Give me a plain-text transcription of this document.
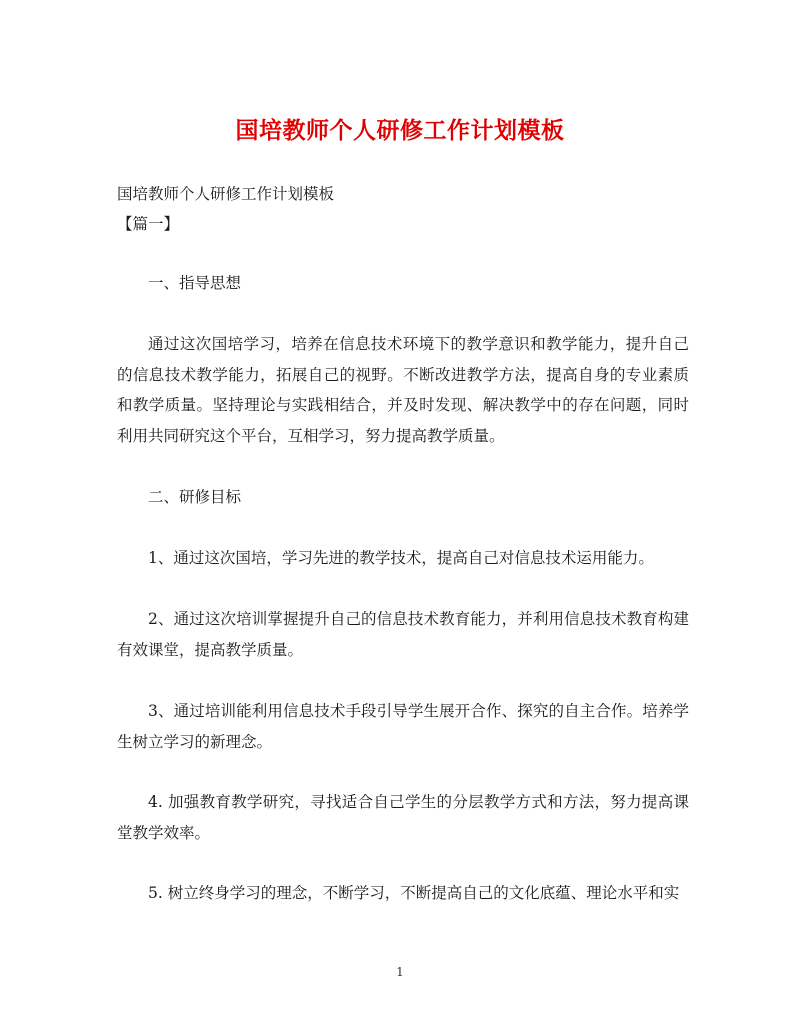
国培教师个人研修工作计划模板
国培教师个人研修工作计划模板
【篇一】
一、指导思想
通过这次国培学习，培养在信息技术环境下的教学意识和教学能力，提升自己的信息技术教学能力，拓展自己的视野。不断改进教学方法，提高自身的专业素质和教学质量。坚持理论与实践相结合，并及时发现、解决教学中的存在问题，同时利用共同研究这个平台，互相学习，努力提高教学质量。
二、研修目标
1、通过这次国培，学习先进的教学技术，提高自己对信息技术运用能力。
2、通过这次培训掌握提升自己的信息技术教育能力，并利用信息技术教育构建有效课堂，提高教学质量。
3、通过培训能利用信息技术手段引导学生展开合作、探究的自主合作。培养学生树立学习的新理念。
4. 加强教育教学研究，寻找适合自己学生的分层教学方式和方法，努力提高课堂教学效率。
5. 树立终身学习的理念，不断学习，不断提高自己的文化底蕴、理论水平和实
1
